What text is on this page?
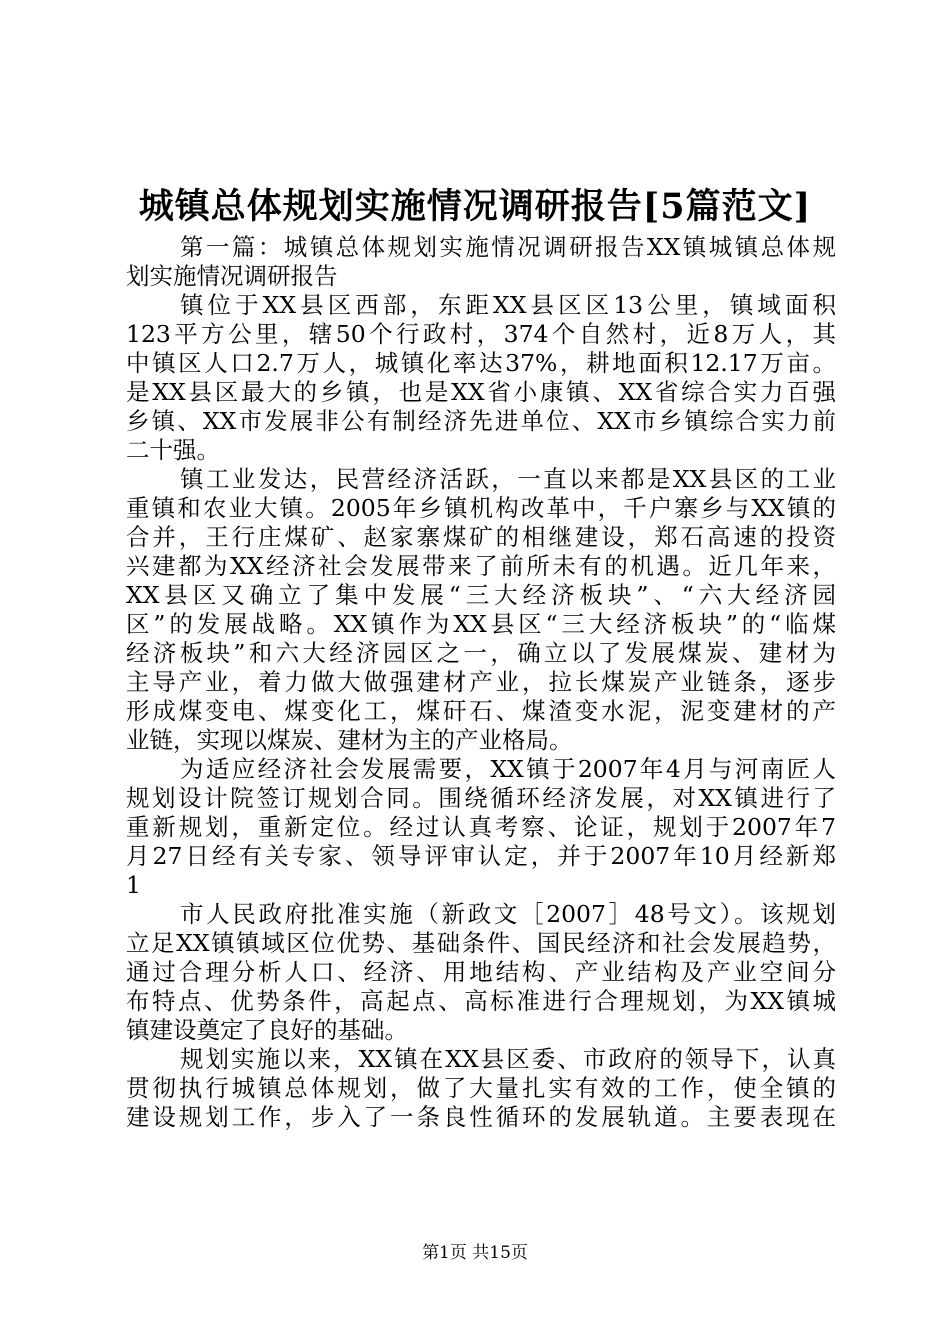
城镇总体规划实施情况调研报告[5篇范文]
第一篇：城镇总体规划实施情况调研报告XX镇城镇总体规
划实施情况调研报告
镇位于XX县区西部，东距XX县区区13公里，镇域面积
123平方公里，辖50个行政村，374个自然村，近8万人，其
中镇区人口2.7万人，城镇化率达37%，耕地面积12.17万亩。
是XX县区最大的乡镇，也是XX省小康镇、XX省综合实力百强
乡镇、XX市发展非公有制经济先进单位、XX市乡镇综合实力前
二十强。
镇工业发达，民营经济活跃，一直以来都是XX县区的工业
重镇和农业大镇。2005年乡镇机构改革中，千户寨乡与XX镇的
合并，王行庄煤矿、赵家寨煤矿的相继建设，郑石高速的投资
兴建都为XX经济社会发展带来了前所未有的机遇。近几年来，
XX县区又确立了集中发展“三大经济板块”、“六大经济园
区”的发展战略。XX镇作为XX县区“三大经济板块”的“临煤
经济板块”和六大经济园区之一，确立以了发展煤炭、建材为
主导产业，着力做大做强建材产业，拉长煤炭产业链条，逐步
形成煤变电、煤变化工，煤矸石、煤渣变水泥，泥变建材的产
业链，实现以煤炭、建材为主的产业格局。
为适应经济社会发展需要，XX镇于2007年4月与河南匠人
规划设计院签订规划合同。围绕循环经济发展，对XX镇进行了
重新规划，重新定位。经过认真考察、论证，规划于2007年7
月27日经有关专家、领导评审认定，并于2007年10月经新郑
1
市人民政府批准实施（新政文［2007］48号文）。该规划
立足XX镇镇域区位优势、基础条件、国民经济和社会发展趋势，
通过合理分析人口、经济、用地结构、产业结构及产业空间分
布特点、优势条件，高起点、高标准进行合理规划，为XX镇城
镇建设奠定了良好的基础。
规划实施以来，XX镇在XX县区委、市政府的领导下，认真
贯彻执行城镇总体规划，做了大量扎实有效的工作，使全镇的
建设规划工作，步入了一条良性循环的发展轨道。主要表现在
第1页 共15页
